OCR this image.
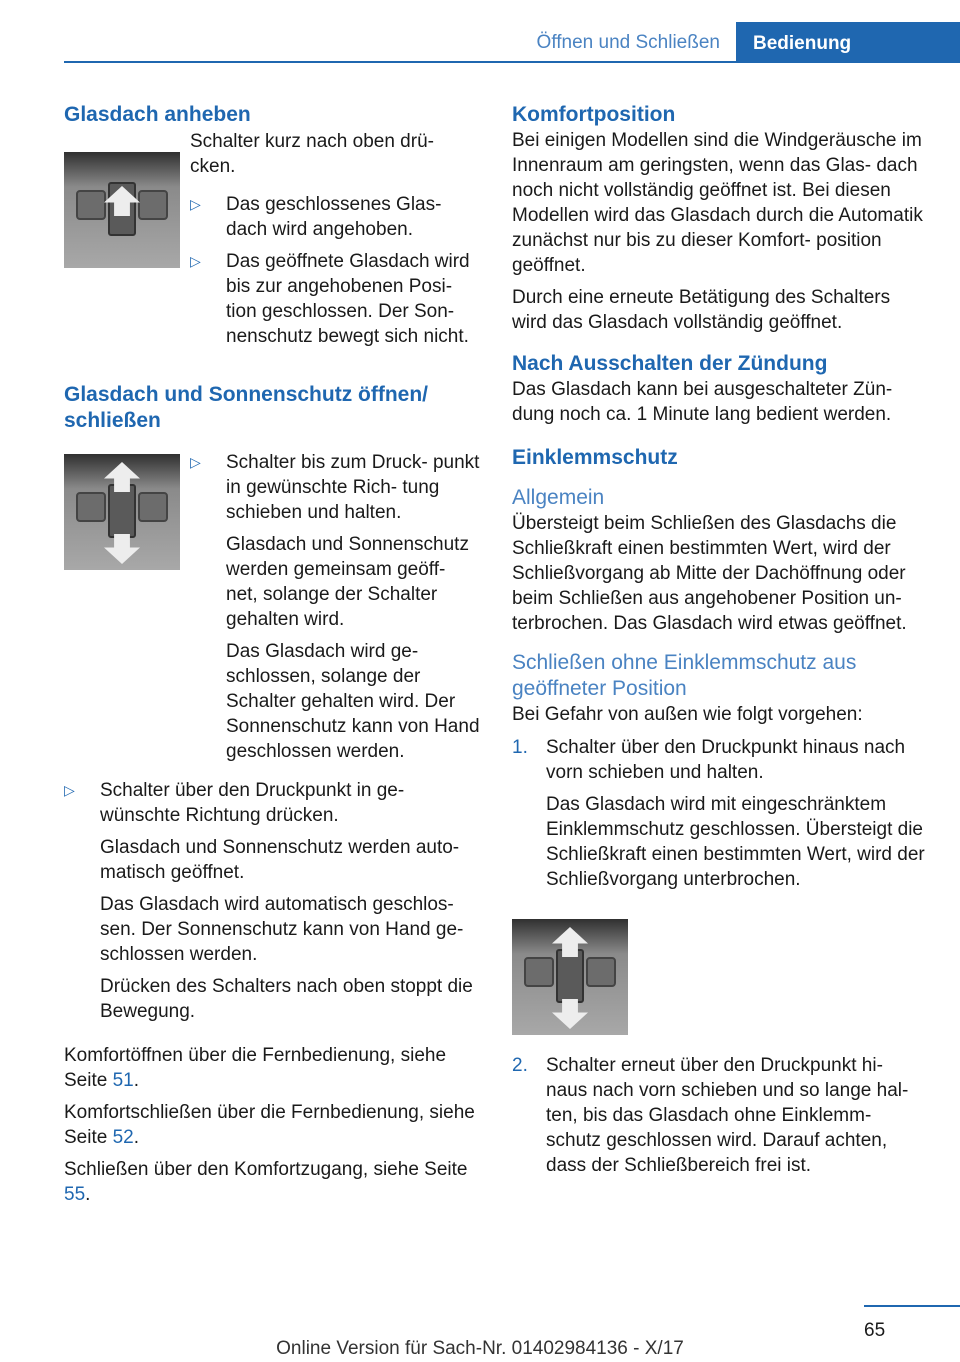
Öffnen und Schließen	Bedienung
Glasdach anheben

Schalter kurz nach oben drü‐ cken.

▷	Das geschlossenes Glas‐ dach wird angehoben.
▷	Das geöffnete Glasdach wird bis zur angehobenen Posi‐ tion geschlossen. Der Son‐ nenschutz bewegt sich nicht.
Glasdach und Sonnenschutz öffnen/ schließen
▷	Schalter bis zum Druck‐ punkt in gewünschte Rich‐ tung schieben und halten.

Glasdach und Sonnenschutz werden gemeinsam geöff‐ net, solange der Schalter gehalten wird.

Das Glasdach wird ge‐ schlossen, solange der Schalter gehalten wird. Der Sonnenschutz kann von Hand geschlossen werden.

▷	Schalter über den Druckpunkt in ge‐ wünschte Richtung drücken.

Glasdach und Sonnenschutz werden auto‐ matisch geöffnet.

Das Glasdach wird automatisch geschlos‐ sen. Der Sonnenschutz kann von Hand ge‐ schlossen werden.

Drücken des Schalters nach oben stoppt die Bewegung.

Komfortöffnen über die Fernbedienung, siehe Seite 51.

Komfortschließen über die Fernbedienung, siehe Seite 52.

Schließen über den Komfortzugang, siehe Seite 55.

Komfortposition

Bei einigen Modellen sind die Windgeräusche im Innenraum am geringsten, wenn das Glas‐ dach noch nicht vollständig geöffnet ist. Bei diesen Modellen wird das Glasdach durch die Automatik zunächst nur bis zu dieser Komfort‐ position geöffnet.

Durch eine erneute Betätigung des Schalters wird das Glasdach vollständig geöffnet.

Nach Ausschalten der Zündung

Das Glasdach kann bei ausgeschalteter Zün‐ dung noch ca. 1 Minute lang bedient werden.

Einklemmschutz
Allgemein

Übersteigt beim Schließen des Glasdachs die Schließkraft einen bestimmten Wert, wird der Schließvorgang ab Mitte der Dachöffnung oder beim Schließen aus angehobener Position un‐ terbrochen. Das Glasdach wird etwas geöffnet.

Schließen ohne Einklemmschutz aus geöffneter Position

Bei Gefahr von außen wie folgt vorgehen:

1. Schalter über den Druckpunkt hinaus nach vorn schieben und halten.

Das Glasdach wird mit eingeschränktem Einklemmschutz geschlossen. Übersteigt die Schließkraft einen bestimmten Wert, wird der Schließvorgang unterbrochen.

2. Schalter erneut über den Druckpunkt hi‐ naus nach vorn schieben und so lange hal‐ ten, bis das Glasdach ohne Einklemm‐ schutz geschlossen wird. Darauf achten, dass der Schließbereich frei ist.
65
Online Version für Sach-Nr. 01402984136 - X/17
